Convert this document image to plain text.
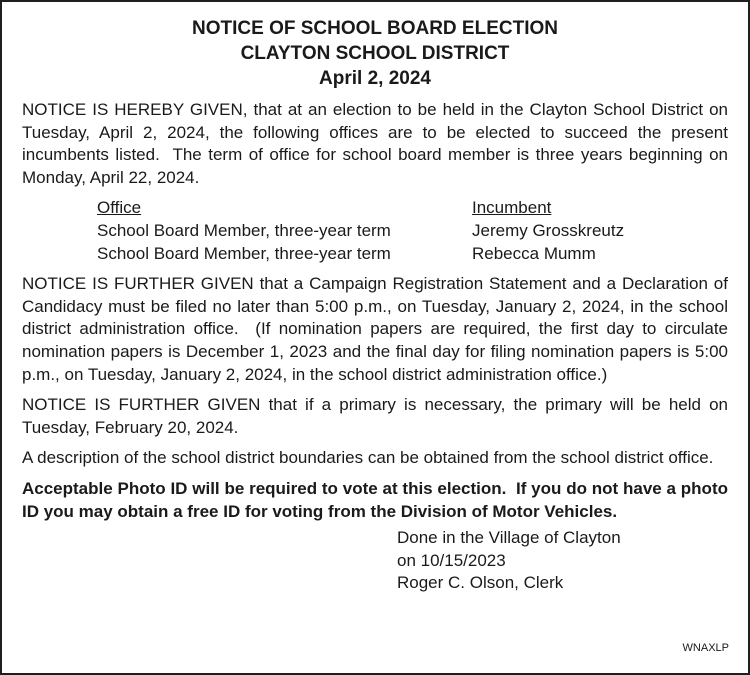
NOTICE OF SCHOOL BOARD ELECTION
CLAYTON SCHOOL DISTRICT
April 2, 2024

NOTICE IS HEREBY GIVEN, that at an election to be held in the Clayton School District on Tuesday, April 2, 2024, the following offices are to be elected to succeed the present incumbents listed.  The term of office for school board member is three years beginning on Monday, April 22, 2024.

Office	Incumbent
School Board Member, three-year term	Jeremy Grosskreutz
School Board Member, three-year term	Rebecca Mumm

NOTICE IS FURTHER GIVEN that a Campaign Registration Statement and a Declaration of Candidacy must be filed no later than 5:00 p.m., on Tuesday, January 2, 2024, in the school district administration office.  (If nomination papers are required, the first day to circulate nomination papers is December 1, 2023 and the final day for filing nomination papers is 5:00 p.m., on Tuesday, January 2, 2024, in the school district administration office.)

NOTICE IS FURTHER GIVEN that if a primary is necessary, the primary will be held on Tuesday, February 20, 2024.

A description of the school district boundaries can be obtained from the school district office.

Acceptable Photo ID will be required to vote at this election.  If you do not have a photo ID you may obtain a free ID for voting from the Division of Motor Vehicles.

Done in the Village of Clayton
on 10/15/2023
Roger C. Olson, Clerk
WNAXLP
